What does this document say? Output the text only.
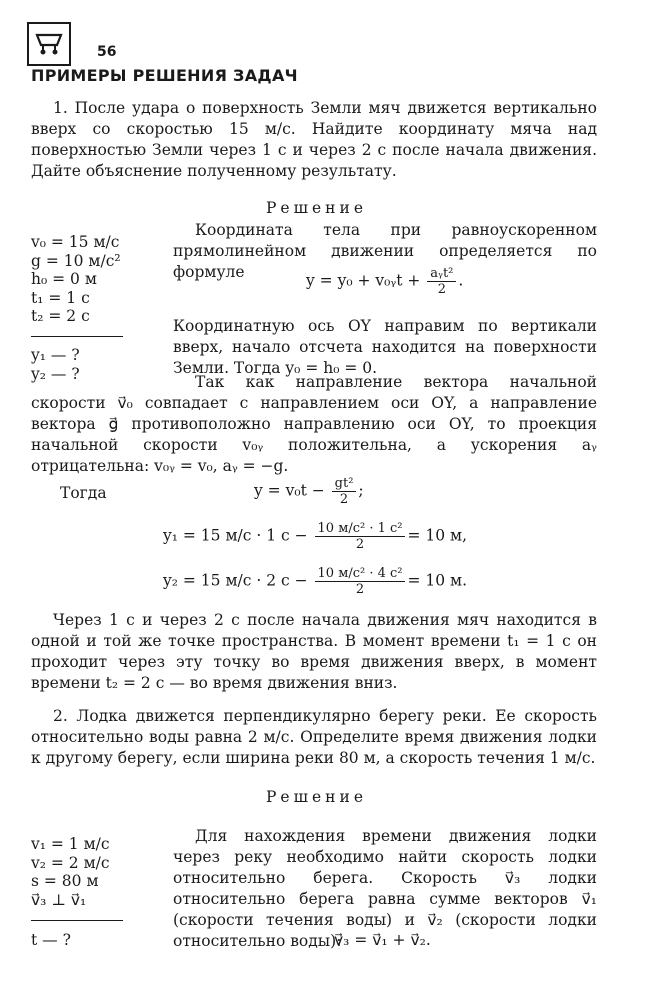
56
ПРИМЕРЫ РЕШЕНИЯ ЗАДАЧ
1. После удара о поверхность Земли мяч движется вертикально вверх со скоростью 15 м/с. Найдите координату мяча над поверхностью Земли через 1 с и через 2 с после начала движения. Дайте объяснение полученному результату.
Решение
v₀ = 15 м/с
g = 10 м/с²
h₀ = 0 м
t₁ = 1 с
t₂ = 2 с
y₁ — ?
y₂ — ?
Координата тела при равноускоренном прямолинейном движении определяется по формуле	y = y₀ + v₀ᵧt + $\frac{\text{aᵧt²}}{2}$ .
Координатную ось OY направим по вертикали вверх, начало отсчета находится на поверхности Земли. Тогда y₀ = h₀ = 0.
Так как направление вектора начальной скорости v⃗₀ совпадает с направлением оси OY, а направление вектора g⃗ противоположно направлению оси OY, то проекция начальной скорости v₀ᵧ положительна, а ускорения aᵧ отрицательна: v₀ᵧ = v₀, aᵧ = −g.
Тогда	$y = v_0t - \frac{\text{gt²}}{2}$ ;
y₁ = 15 м/с · 1 $с - \frac{\text{10 м/с² · 1 с²}}{2} = 10$ м,
y₂ = 15 м/с · 2 $с - \frac{\text{10 м/с² · 4 с²}}{2} = 10$ м.
Через 1 с и через 2 с после начала движения мяч находится в одной и той же точке пространства. В момент времени t₁ = 1 с он проходит через эту точку во время движения вверх, в момент времени t₂ = 2 с — во время движения вниз.
2. Лодка движется перпендикулярно берегу реки. Ее скорость относительно воды равна 2 м/с. Определите время движения лодки к другому берегу, если ширина реки 80 м, а скорость течения 1 м/с.
Решение
v₁ = 1 м/с
v₂ = 2 м/с
s = 80 м
v⃗₃ ⊥ v⃗₁
t — ?
Для нахождения времени движения лодки через реку необходимо найти скорость лодки относительно берега. Скорость v⃗₃ лодки относительно берега равна сумме векторов v⃗₁ (скорости течения воды) и v⃗₂ (скорости лодки относительно воды):
v⃗₃ = v⃗₁ + v⃗₂.
